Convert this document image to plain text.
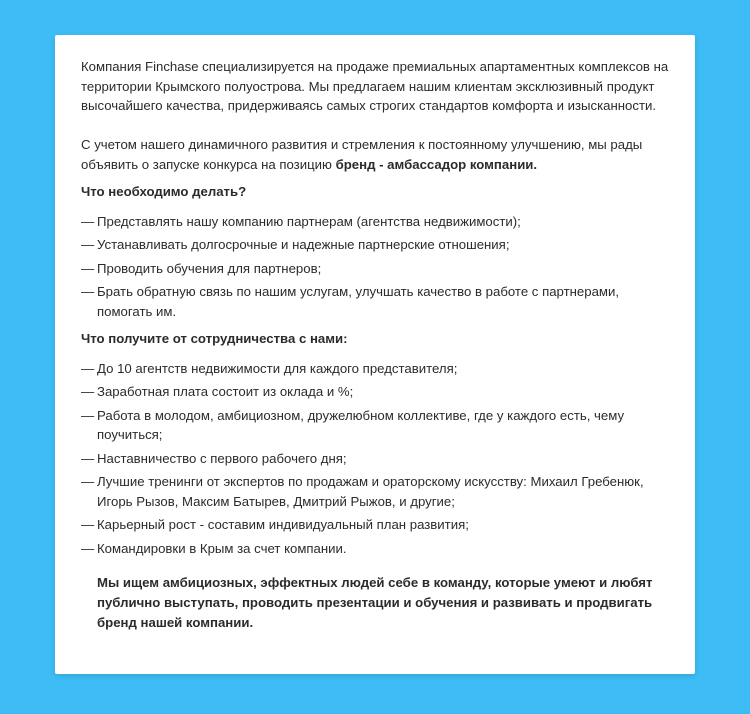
Компания Finchase специализируется на продаже премиальных апартаментных комплексов на территории Крымского полуострова. Мы предлагаем нашим клиентам эксклюзивный продукт высочайшего качества, придерживаясь самых строгих стандартов комфорта и изысканности.

С учетом нашего динамичного развития и стремления к постоянному улучшению, мы рады объявить о запуске конкурса на позицию бренд - амбассадор компании.

Что необходимо делать?
— Представлять нашу компанию партнерам (агентства недвижимости);
— Устанавливать долгосрочные и надежные партнерские отношения;
— Проводить обучения для партнеров;
— Брать обратную связь по нашим услугам, улучшать качество в работе с партнерами, помогать им.
Что получите от сотрудничества с нами:
— До 10 агентств недвижимости для каждого представителя;
— Заработная плата состоит из оклада и %;
— Работа в молодом, амбициозном, дружелюбном коллективе, где у каждого есть, чему поучиться;
— Наставничество с первого рабочего дня;
— Лучшие тренинги от экспертов по продажам и ораторскому искусству: Михаил Гребенюк, Игорь Рызов, Максим Батырев, Дмитрий Рыжов, и другие;
— Карьерный рост - составим индивидуальный план развития;
— Командировки в Крым за счет компании.

Мы ищем амбициозных, эффектных людей себе в команду, которые умеют и любят публично выступать, проводить презентации и обучения и развивать и продвигать бренд нашей компании.
